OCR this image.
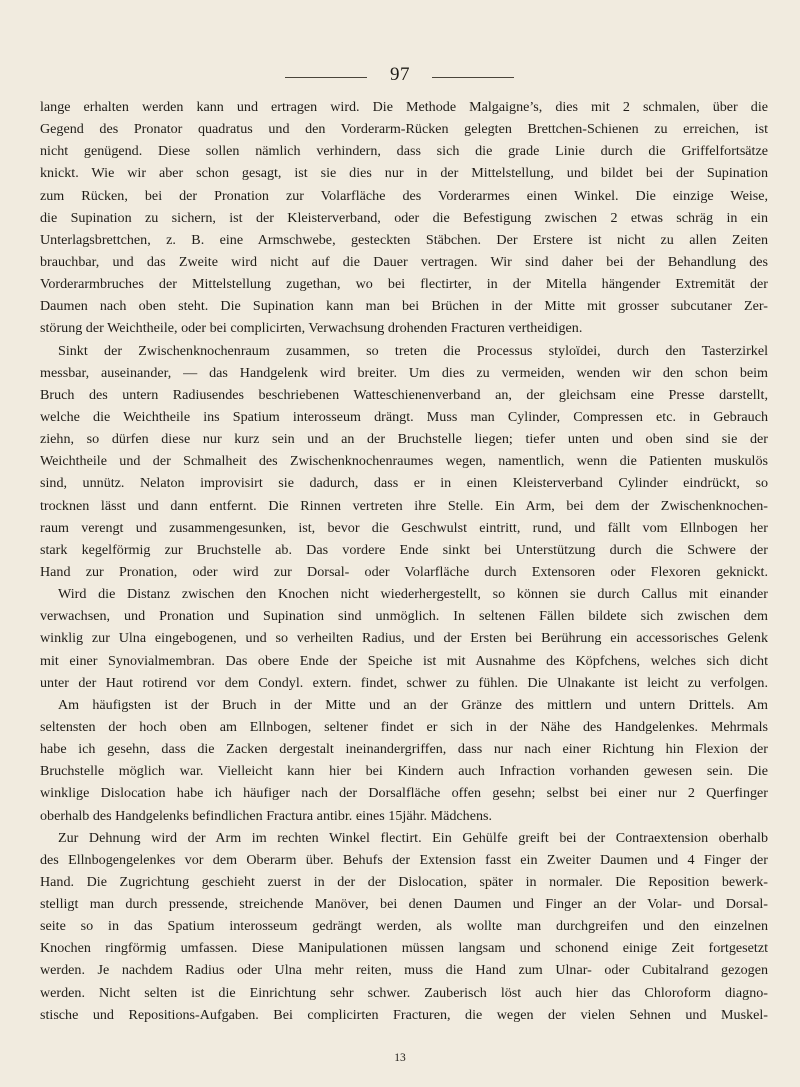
97
lange erhalten werden kann und ertragen wird. Die Methode Malgaigne’s, dies mit 2 schmalen, über die
Gegend des Pronator quadratus und den Vorderarm-Rücken gelegten Brettchen-Schienen zu erreichen, ist
nicht genügend. Diese sollen nämlich verhindern, dass sich die grade Linie durch die Griffelfortsätze
knickt. Wie wir aber schon gesagt, ist sie dies nur in der Mittelstellung, und bildet bei der Supination
zum Rücken, bei der Pronation zur Volarfläche des Vorderarmes einen Winkel. Die einzige Weise,
die Supination zu sichern, ist der Kleisterverband, oder die Befestigung zwischen 2 etwas schräg in ein
Unterlagsbrettchen, z. B. eine Armschwebe, gesteckten Stäbchen. Der Erstere ist nicht zu allen Zeiten
brauchbar, und das Zweite wird nicht auf die Dauer vertragen. Wir sind daher bei der Behandlung des
Vorderarmbruches der Mittelstellung zugethan, wo bei flectirter, in der Mitella hängender Extremität der
Daumen nach oben steht. Die Supination kann man bei Brüchen in der Mitte mit grosser subcutaner Zer-
störung der Weichtheile, oder bei complicirten, Verwachsung drohenden Fracturen vertheidigen.
Sinkt der Zwischenknochenraum zusammen, so treten die Processus styloïdei, durch den Tasterzirkel
messbar, auseinander, — das Handgelenk wird breiter. Um dies zu vermeiden, wenden wir den schon beim
Bruch des untern Radiusendes beschriebenen Watteschienenverband an, der gleichsam eine Presse darstellt,
welche die Weichtheile ins Spatium interosseum drängt. Muss man Cylinder, Compressen etc. in Gebrauch
ziehn, so dürfen diese nur kurz sein und an der Bruchstelle liegen; tiefer unten und oben sind sie der
Weichtheile und der Schmalheit des Zwischenknochenraumes wegen, namentlich, wenn die Patienten muskulös
sind, unnütz. Nelaton improvisirt sie dadurch, dass er in einen Kleisterverband Cylinder eindrückt, so
trocknen lässt und dann entfernt. Die Rinnen vertreten ihre Stelle. Ein Arm, bei dem der Zwischenknochen-
raum verengt und zusammengesunken, ist, bevor die Geschwulst eintritt, rund, und fällt vom Ellnbogen her
stark kegelförmig zur Bruchstelle ab. Das vordere Ende sinkt bei Unterstützung durch die Schwere der
Hand zur Pronation, oder wird zur Dorsal- oder Volarfläche durch Extensoren oder Flexoren geknickt.
Wird die Distanz zwischen den Knochen nicht wiederhergestellt, so können sie durch Callus mit einander
verwachsen, und Pronation und Supination sind unmöglich. In seltenen Fällen bildete sich zwischen dem
winklig zur Ulna eingebogenen, und so verheilten Radius, und der Ersten bei Berührung ein accessorisches Gelenk
mit einer Synovialmembran. Das obere Ende der Speiche ist mit Ausnahme des Köpfchens, welches sich dicht
unter der Haut rotirend vor dem Condyl. extern. findet, schwer zu fühlen. Die Ulnakante ist leicht zu verfolgen.
Am häufigsten ist der Bruch in der Mitte und an der Gränze des mittlern und untern Drittels. Am
seltensten der hoch oben am Ellnbogen, seltener findet er sich in der Nähe des Handgelenkes. Mehrmals
habe ich gesehn, dass die Zacken dergestalt ineinandergriffen, dass nur nach einer Richtung hin Flexion der
Bruchstelle möglich war. Vielleicht kann hier bei Kindern auch Infraction vorhanden gewesen sein. Die
winklige Dislocation habe ich häufiger nach der Dorsalfläche offen gesehn; selbst bei einer nur 2 Querfinger
oberhalb des Handgelenks befindlichen Fractura antibr. eines 15jähr. Mädchens.
Zur Dehnung wird der Arm im rechten Winkel flectirt. Ein Gehülfe greift bei der Contraextension oberhalb
des Ellnbogengelenkes vor dem Oberarm über. Behufs der Extension fasst ein Zweiter Daumen und 4 Finger der
Hand. Die Zugrichtung geschieht zuerst in der der Dislocation, später in normaler. Die Reposition bewerk-
stelligt man durch pressende, streichende Manöver, bei denen Daumen und Finger an der Volar- und Dorsal-
seite so in das Spatium interosseum gedrängt werden, als wollte man durchgreifen und den einzelnen
Knochen ringförmig umfassen. Diese Manipulationen müssen langsam und schonend einige Zeit fortgesetzt
werden. Je nachdem Radius oder Ulna mehr reiten, muss die Hand zum Ulnar- oder Cubitalrand gezogen
werden. Nicht selten ist die Einrichtung sehr schwer. Zauberisch löst auch hier das Chloroform diagno-
stische und Repositions-Aufgaben. Bei complicirten Fracturen, die wegen der vielen Sehnen und Muskel-
13
